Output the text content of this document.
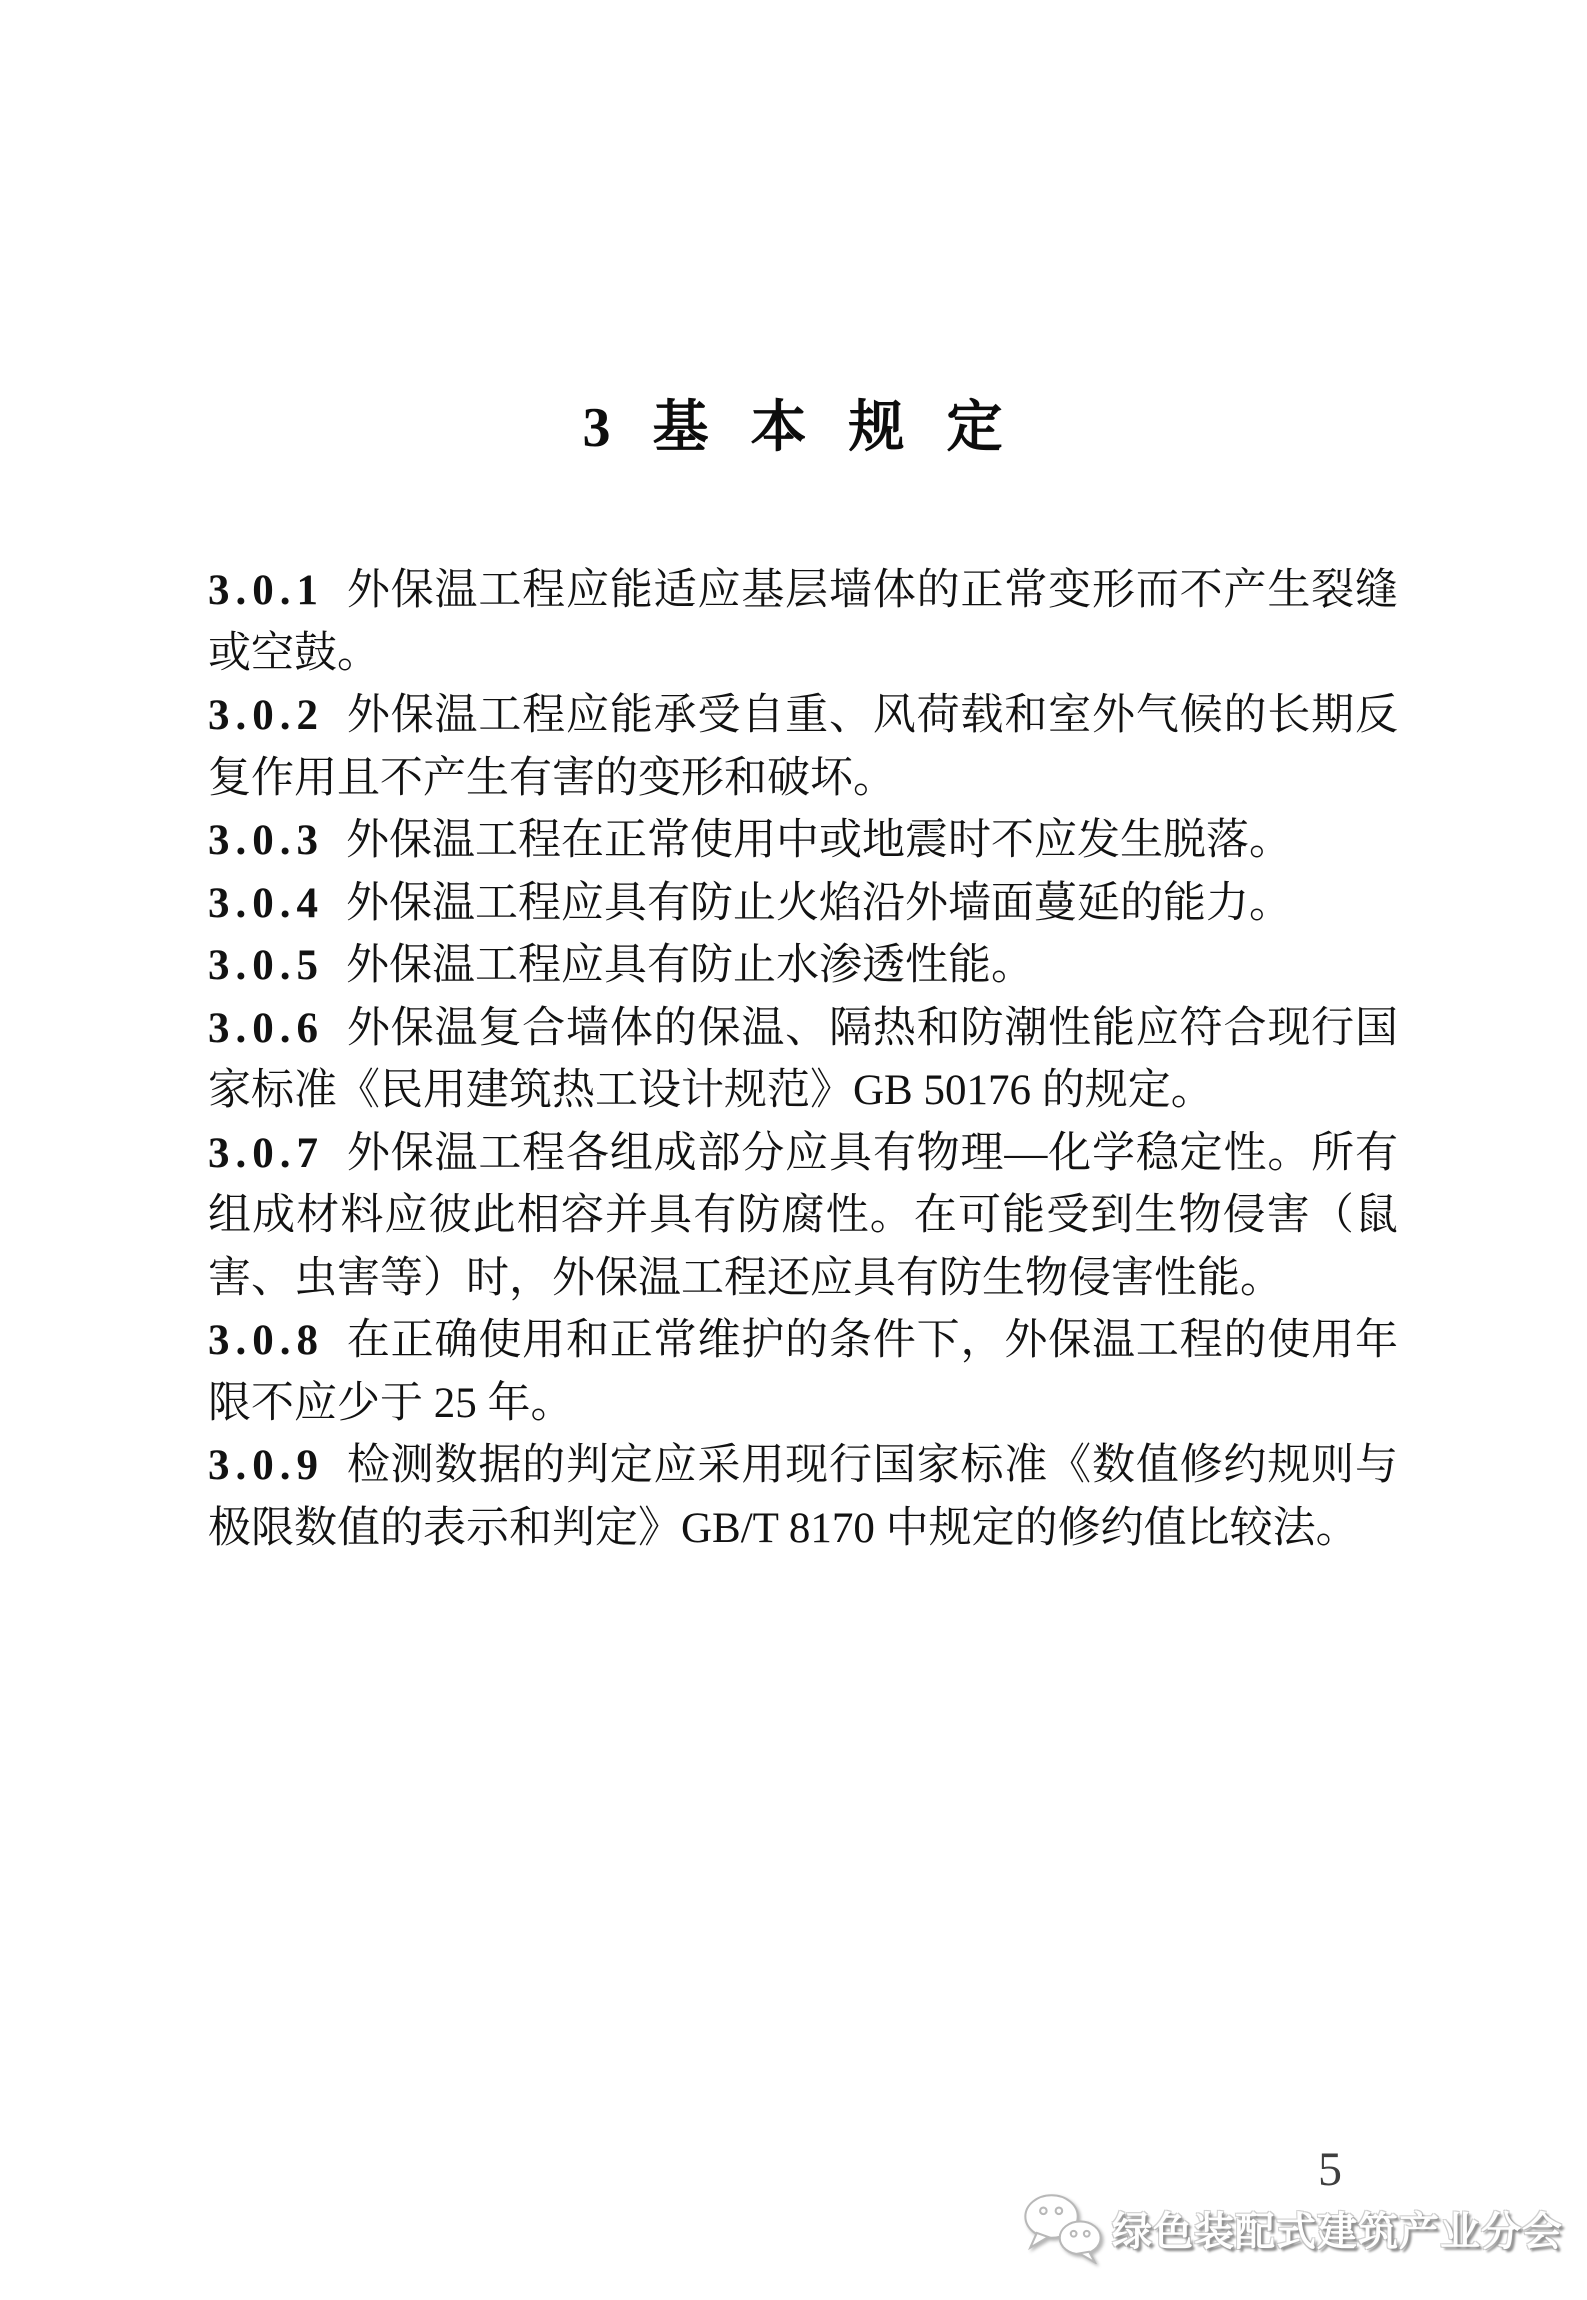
3 基 本 规 定
3.0.1 外保温工程应能适应基层墙体的正常变形而不产生裂缝
或空鼓。
3.0.2 外保温工程应能承受自重、风荷载和室外气候的长期反
复作用且不产生有害的变形和破坏。
3.0.3 外保温工程在正常使用中或地震时不应发生脱落。
3.0.4 外保温工程应具有防止火焰沿外墙面蔓延的能力。
3.0.5 外保温工程应具有防止水渗透性能。
3.0.6 外保温复合墙体的保温、隔热和防潮性能应符合现行国
家标准《民用建筑热工设计规范》GB 50176 的规定。
3.0.7 外保温工程各组成部分应具有物理—化学稳定性。所有
组成材料应彼此相容并具有防腐性。在可能受到生物侵害（鼠
害、虫害等）时，外保温工程还应具有防生物侵害性能。
3.0.8 在正确使用和正常维护的条件下，外保温工程的使用年
限不应少于 25 年。
3.0.9 检测数据的判定应采用现行国家标准《数值修约规则与
极限数值的表示和判定》GB/T 8170 中规定的修约值比较法。
5
绿色装配式建筑产业分会
